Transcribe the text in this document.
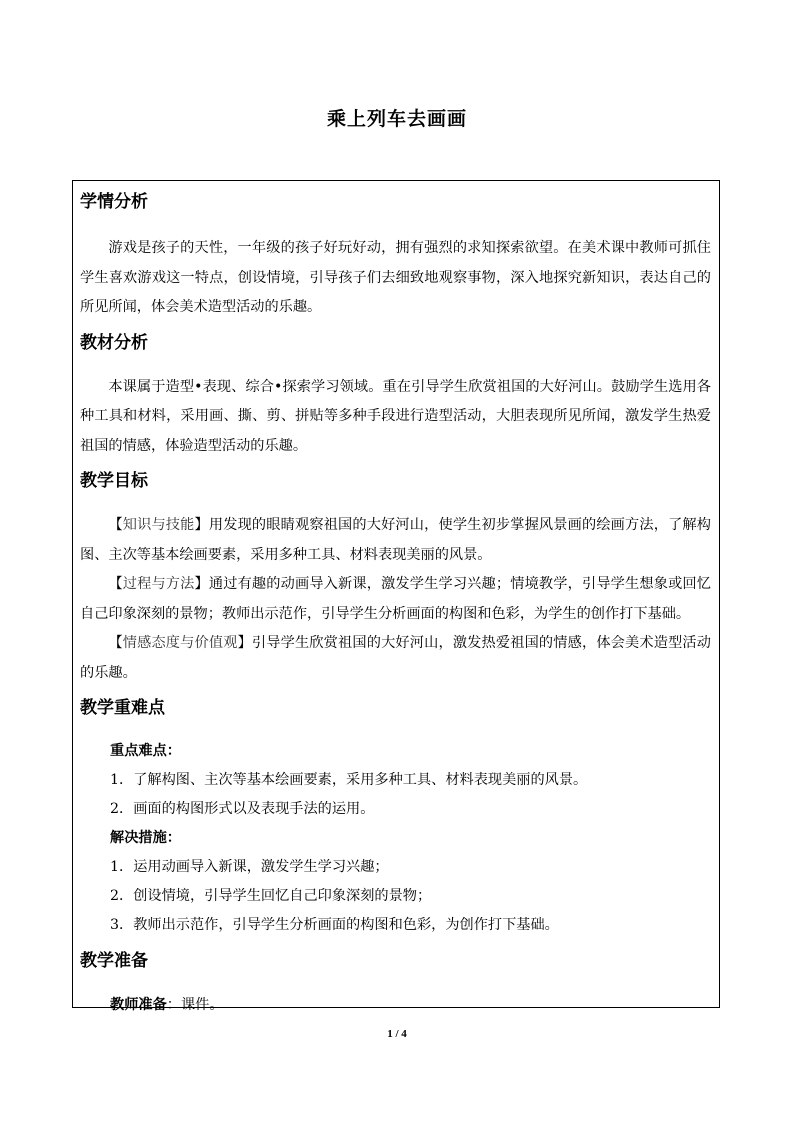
乘上列车去画画
学情分析

游戏是孩子的天性，一年级的孩子好玩好动，拥有强烈的求知探索欲望。在美术课中教师可抓住学生喜欢游戏这一特点，创设情境，引导孩子们去细致地观察事物，深入地探究新知识，表达自己的所见所闻，体会美术造型活动的乐趣。

教材分析

本课属于造型•表现、综合•探索学习领域。重在引导学生欣赏祖国的大好河山。鼓励学生选用各种工具和材料，采用画、撕、剪、拼贴等多种手段进行造型活动，大胆表现所见所闻，激发学生热爱祖国的情感，体验造型活动的乐趣。

教学目标

【知识与技能】用发现的眼睛观察祖国的大好河山，使学生初步掌握风景画的绘画方法，了解构图、主次等基本绘画要素，采用多种工具、材料表现美丽的风景。

【过程与方法】通过有趣的动画导入新课，激发学生学习兴趣；情境教学，引导学生想象或回忆自己印象深刻的景物；教师出示范作，引导学生分析画面的构图和色彩，为学生的创作打下基础。

【情感态度与价值观】引导学生欣赏祖国的大好河山，激发热爱祖国的情感，体会美术造型活动的乐趣。

教学重难点
重点难点：
1．了解构图、主次等基本绘画要素，采用多种工具、材料表现美丽的风景。
2．画面的构图形式以及表现手法的运用。
解决措施：
1．运用动画导入新课，激发学生学习兴趣；
2．创设情境，引导学生回忆自己印象深刻的景物；
3．教师出示范作，引导学生分析画面的构图和色彩，为创作打下基础。
教学准备
教师准备：课件。
1 / 4
